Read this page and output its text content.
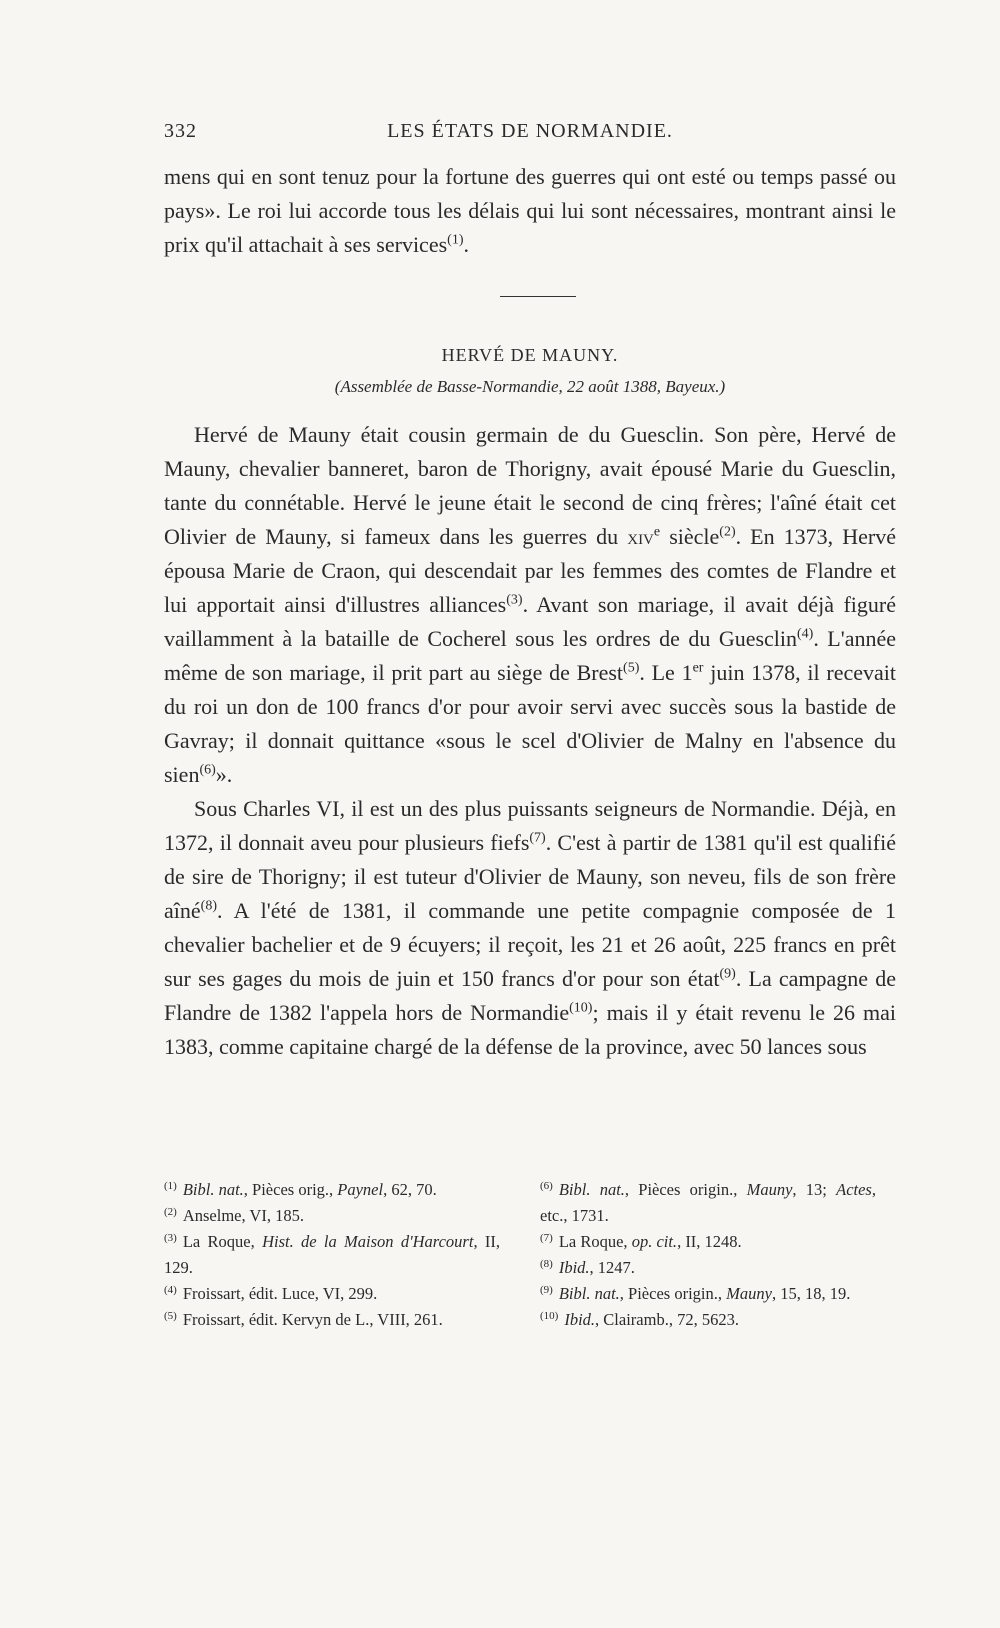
332	LES ÉTATS DE NORMANDIE.

mens qui en sont tenuz pour la fortune des guerres qui ont esté ou temps passé ou pays». Le roi lui accorde tous les délais qui lui sont nécessaires, montrant ainsi le prix qu'il attachait à ses services$^{(1)}$.

HERVÉ DE MAUNY.
(Assemblée de Basse-Normandie, 22 août 1388, Bayeux.)

Hervé de Mauny était cousin germain de du Guesclin. Son père, Hervé de Mauny, chevalier banneret, baron de Thorigny, avait épousé Marie du Guesclin, tante du connétable. Hervé le jeune était le second de cinq frères; l'aîné était cet Olivier de Mauny, si fameux dans les guerres du xiv$^e$ siècle$^{(2)}$. En 1373, Hervé épousa Marie de Craon, qui descendait par les femmes des comtes de Flandre et lui apportait ainsi d'illustres alliances$^{(3)}$. Avant son mariage, il avait déjà figuré vaillamment à la bataille de Cocherel sous les ordres de du Guesclin$^{(4)}$. L'année même de son mariage, il prit part au siège de Brest$^{(5)}$. Le 1er juin 1378, il recevait du roi un don de 100 francs d'or pour avoir servi avec succès sous la bastide de Gavray; il donnait quittance «sous le scel d'Olivier de Malny en l'absence du sien$^{(6)}$».

Sous Charles VI, il est un des plus puissants seigneurs de Normandie. Déjà, en 1372, il donnait aveu pour plusieurs fiefs$^{(7)}$. C'est à partir de 1381 qu'il est qualifié de sire de Thorigny; il est tuteur d'Olivier de Mauny, son neveu, fils de son frère aîné$^{(8)}$. A l'été de 1381, il commande une petite compagnie composée de 1 chevalier bachelier et de 9 écuyers; il reçoit, les 21 et 26 août, 225 francs en prêt sur ses gages du mois de juin et 150 francs d'or pour son état$^{(9)}$. La campagne de Flandre de 1382 l'appela hors de Normandie$^{(10)}$; mais il y était revenu le 26 mai 1383, comme capitaine chargé de la défense de la province, avec 50 lances sous

$^{(1)}$ Bibl. nat., Pièces orig., Paynel, 62, 70.

$^{(2)}$ Anselme, VI, 185.

$^{(3)}$ La Roque, Hist. de la Maison d'Harcourt, II, 129.

$^{(4)}$ Froissart, édit. Luce, VI, 299.

$^{(5)}$ Froissart, édit. Kervyn de L., VIII, 261.

$^{(6)}$ Bibl. nat., Pièces origin., Mauny, 13; Actes, etc., 1731.

$^{(7)}$ La Roque, op. cit., II, 1248.

$^{(8)}$ Ibid., 1247.

$^{(9)}$ Bibl. nat., Pièces origin., Mauny, 15, 18, 19.

$^{(10)}$ Ibid., Clairamb., 72, 5623.
